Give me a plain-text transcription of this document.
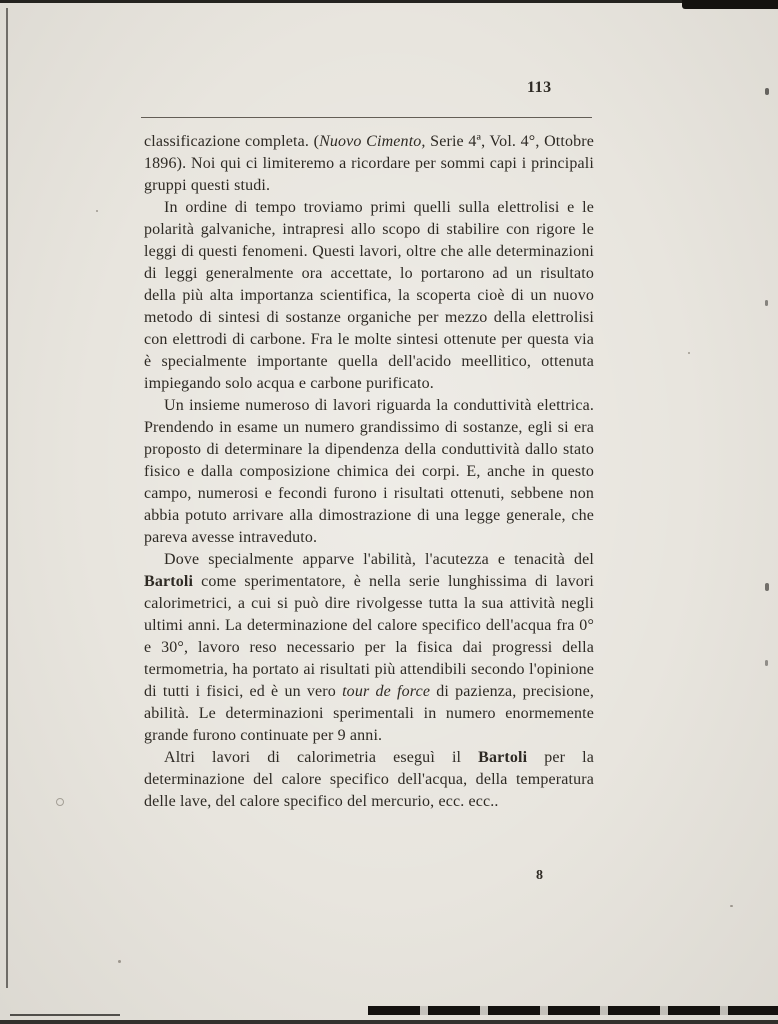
113

classificazione completa. (Nuovo Cimento, Serie 4ª, Vol. 4°, Ottobre 1896). Noi qui ci limiteremo a ricordare per sommi capi i principali gruppi questi studi.

In ordine di tempo troviamo primi quelli sulla elettrolisi e le polarità galvaniche, intrapresi allo scopo di stabilire con rigore le leggi di questi fenomeni. Questi lavori, oltre che alle determinazioni di leggi generalmente ora accettate, lo portarono ad un risultato della più alta importanza scientifica, la scoperta cioè di un nuovo metodo di sintesi di sostanze organiche per mezzo della elettrolisi con elettrodi di carbone. Fra le molte sintesi ottenute per questa via è specialmente importante quella dell'acido meellitico, ottenuta impiegando solo acqua e carbone purificato.

Un insieme numeroso di lavori riguarda la conduttività elettrica. Prendendo in esame un numero grandissimo di sostanze, egli si era proposto di determinare la dipendenza della conduttività dallo stato fisico e dalla composizione chimica dei corpi. E, anche in questo campo, numerosi e fecondi furono i risultati ottenuti, sebbene non abbia potuto arrivare alla dimostrazione di una legge generale, che pareva avesse intraveduto.

Dove specialmente apparve l'abilità, l'acutezza e tenacità del Bartoli come sperimentatore, è nella serie lunghissima di lavori calorimetrici, a cui si può dire rivolgesse tutta la sua attività negli ultimi anni. La determinazione del calore specifico dell'acqua fra 0° e 30°, lavoro reso necessario per la fisica dai progressi della termometria, ha portato ai risultati più attendibili secondo l'opinione di tutti i fisici, ed è un vero tour de force di pazienza, precisione, abilità. Le determinazioni sperimentali in numero enormemente grande furono continuate per 9 anni.

Altri lavori di calorimetria eseguì il Bartoli per la determinazione del calore specifico dell'acqua, della temperatura delle lave, del calore specifico del mercurio, ecc. ecc..

8
